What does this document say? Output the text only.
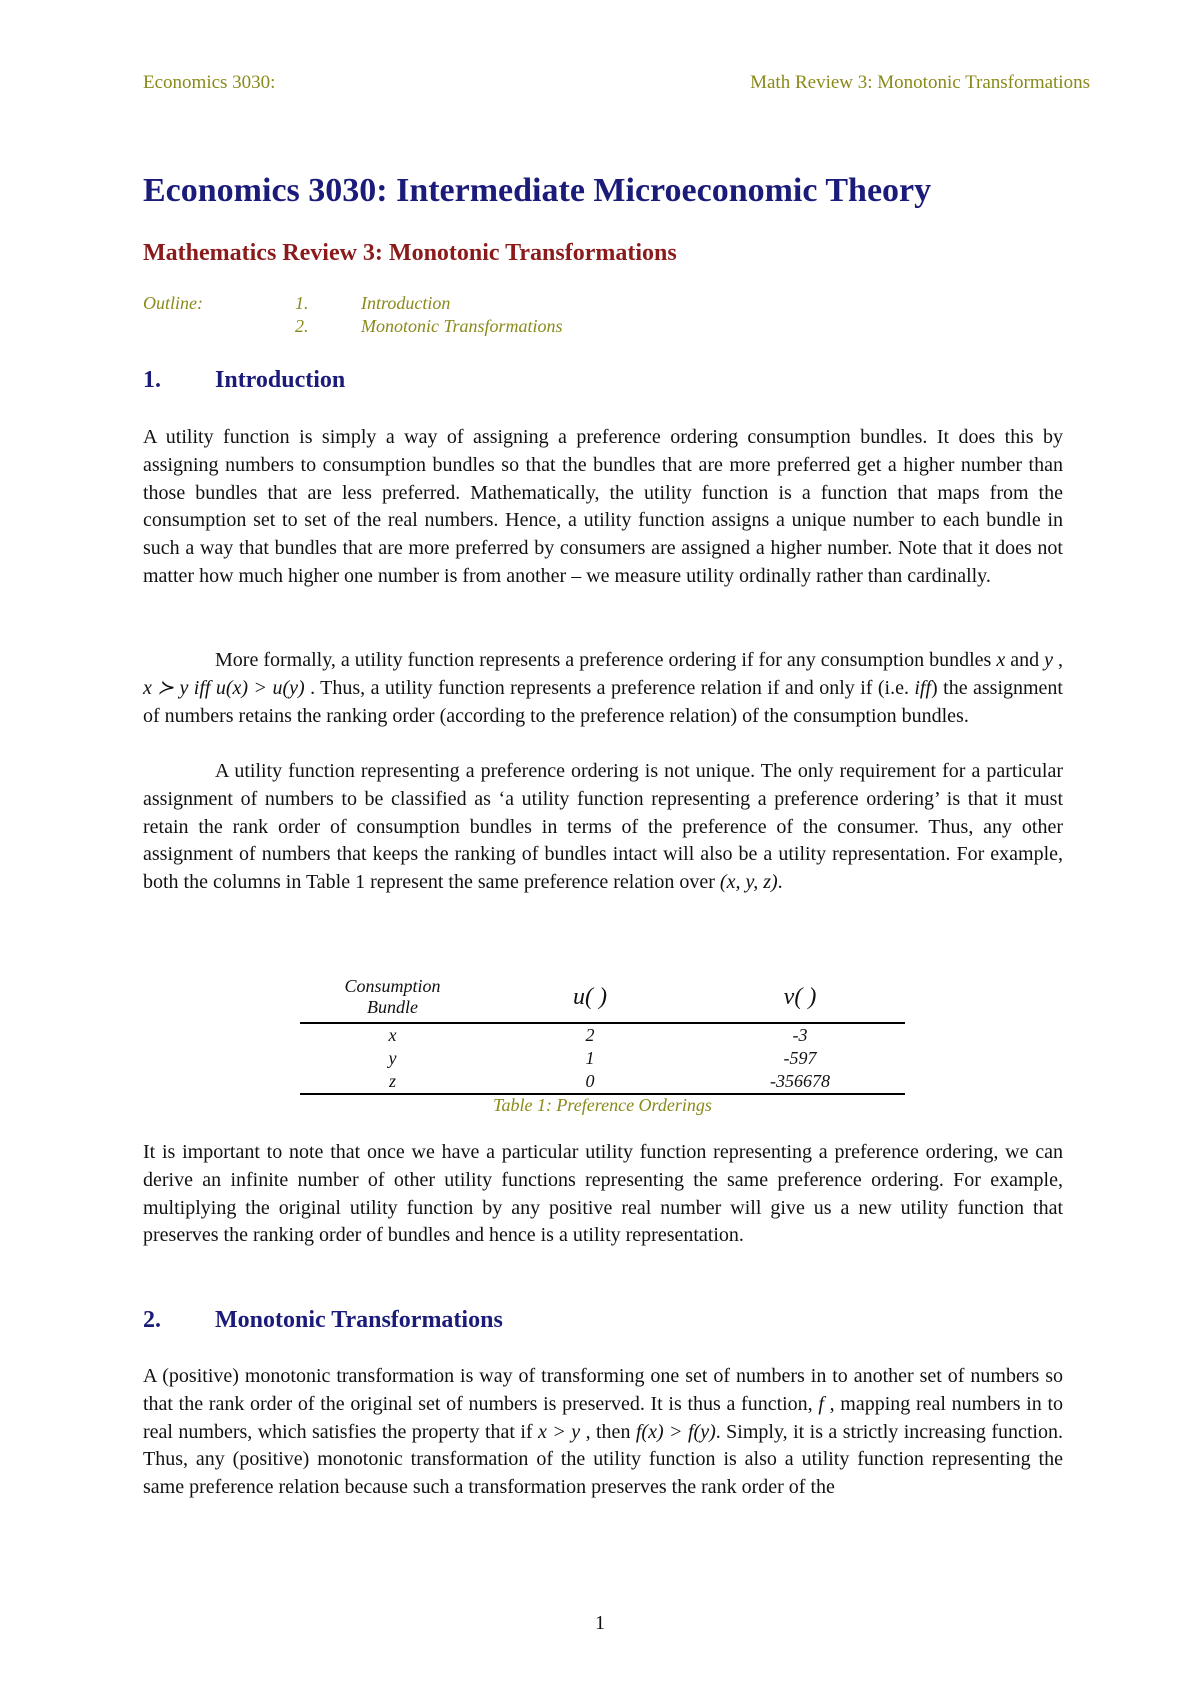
Economics 3030:	Math Review 3: Monotonic Transformations
Economics 3030: Intermediate Microeconomic Theory
Mathematics Review 3: Monotonic Transformations
Outline:	1.	Introduction
2.	Monotonic Transformations
1. Introduction

A utility function is simply a way of assigning a preference ordering consumption bundles. It does this by assigning numbers to consumption bundles so that the bundles that are more preferred get a higher number than those bundles that are less preferred. Mathematically, the utility function is a function that maps from the consumption set to set of the real numbers. Hence, a utility function assigns a unique number to each bundle in such a way that bundles that are more preferred by consumers are assigned a higher number. Note that it does not matter how much higher one number is from another – we measure utility ordinally rather than cardinally.

More formally, a utility function represents a preference ordering if for any consumption bundles x and y , x ≻ y iff u(x) > u(y) . Thus, a utility function represents a preference relation if and only if (i.e. iff) the assignment of numbers retains the ranking order (according to the preference relation) of the consumption bundles.

A utility function representing a preference ordering is not unique. The only requirement for a particular assignment of numbers to be classified as ‘a utility function representing a preference ordering’ is that it must retain the rank order of consumption bundles in terms of the preference of the consumer. Thus, any other assignment of numbers that keeps the ranking of bundles intact will also be a utility representation. For example, both the columns in Table 1 represent the same preference relation over (x, y, z).

Consumption
Bundle	u( )	v( )
x	2	-3
y	1	-597
z	0	-356678
Table 1: Preference Orderings

It is important to note that once we have a particular utility function representing a preference ordering, we can derive an infinite number of other utility functions representing the same preference ordering. For example, multiplying the original utility function by any positive real number will give us a new utility function that preserves the ranking order of bundles and hence is a utility representation.

2. Monotonic Transformations

A (positive) monotonic transformation is way of transforming one set of numbers in to another set of numbers so that the rank order of the original set of numbers is preserved. It is thus a function, f , mapping real numbers in to real numbers, which satisfies the property that if x > y , then f(x) > f(y). Simply, it is a strictly increasing function. Thus, any (positive) monotonic transformation of the utility function is also a utility function representing the same preference relation because such a transformation preserves the rank order of the

1
